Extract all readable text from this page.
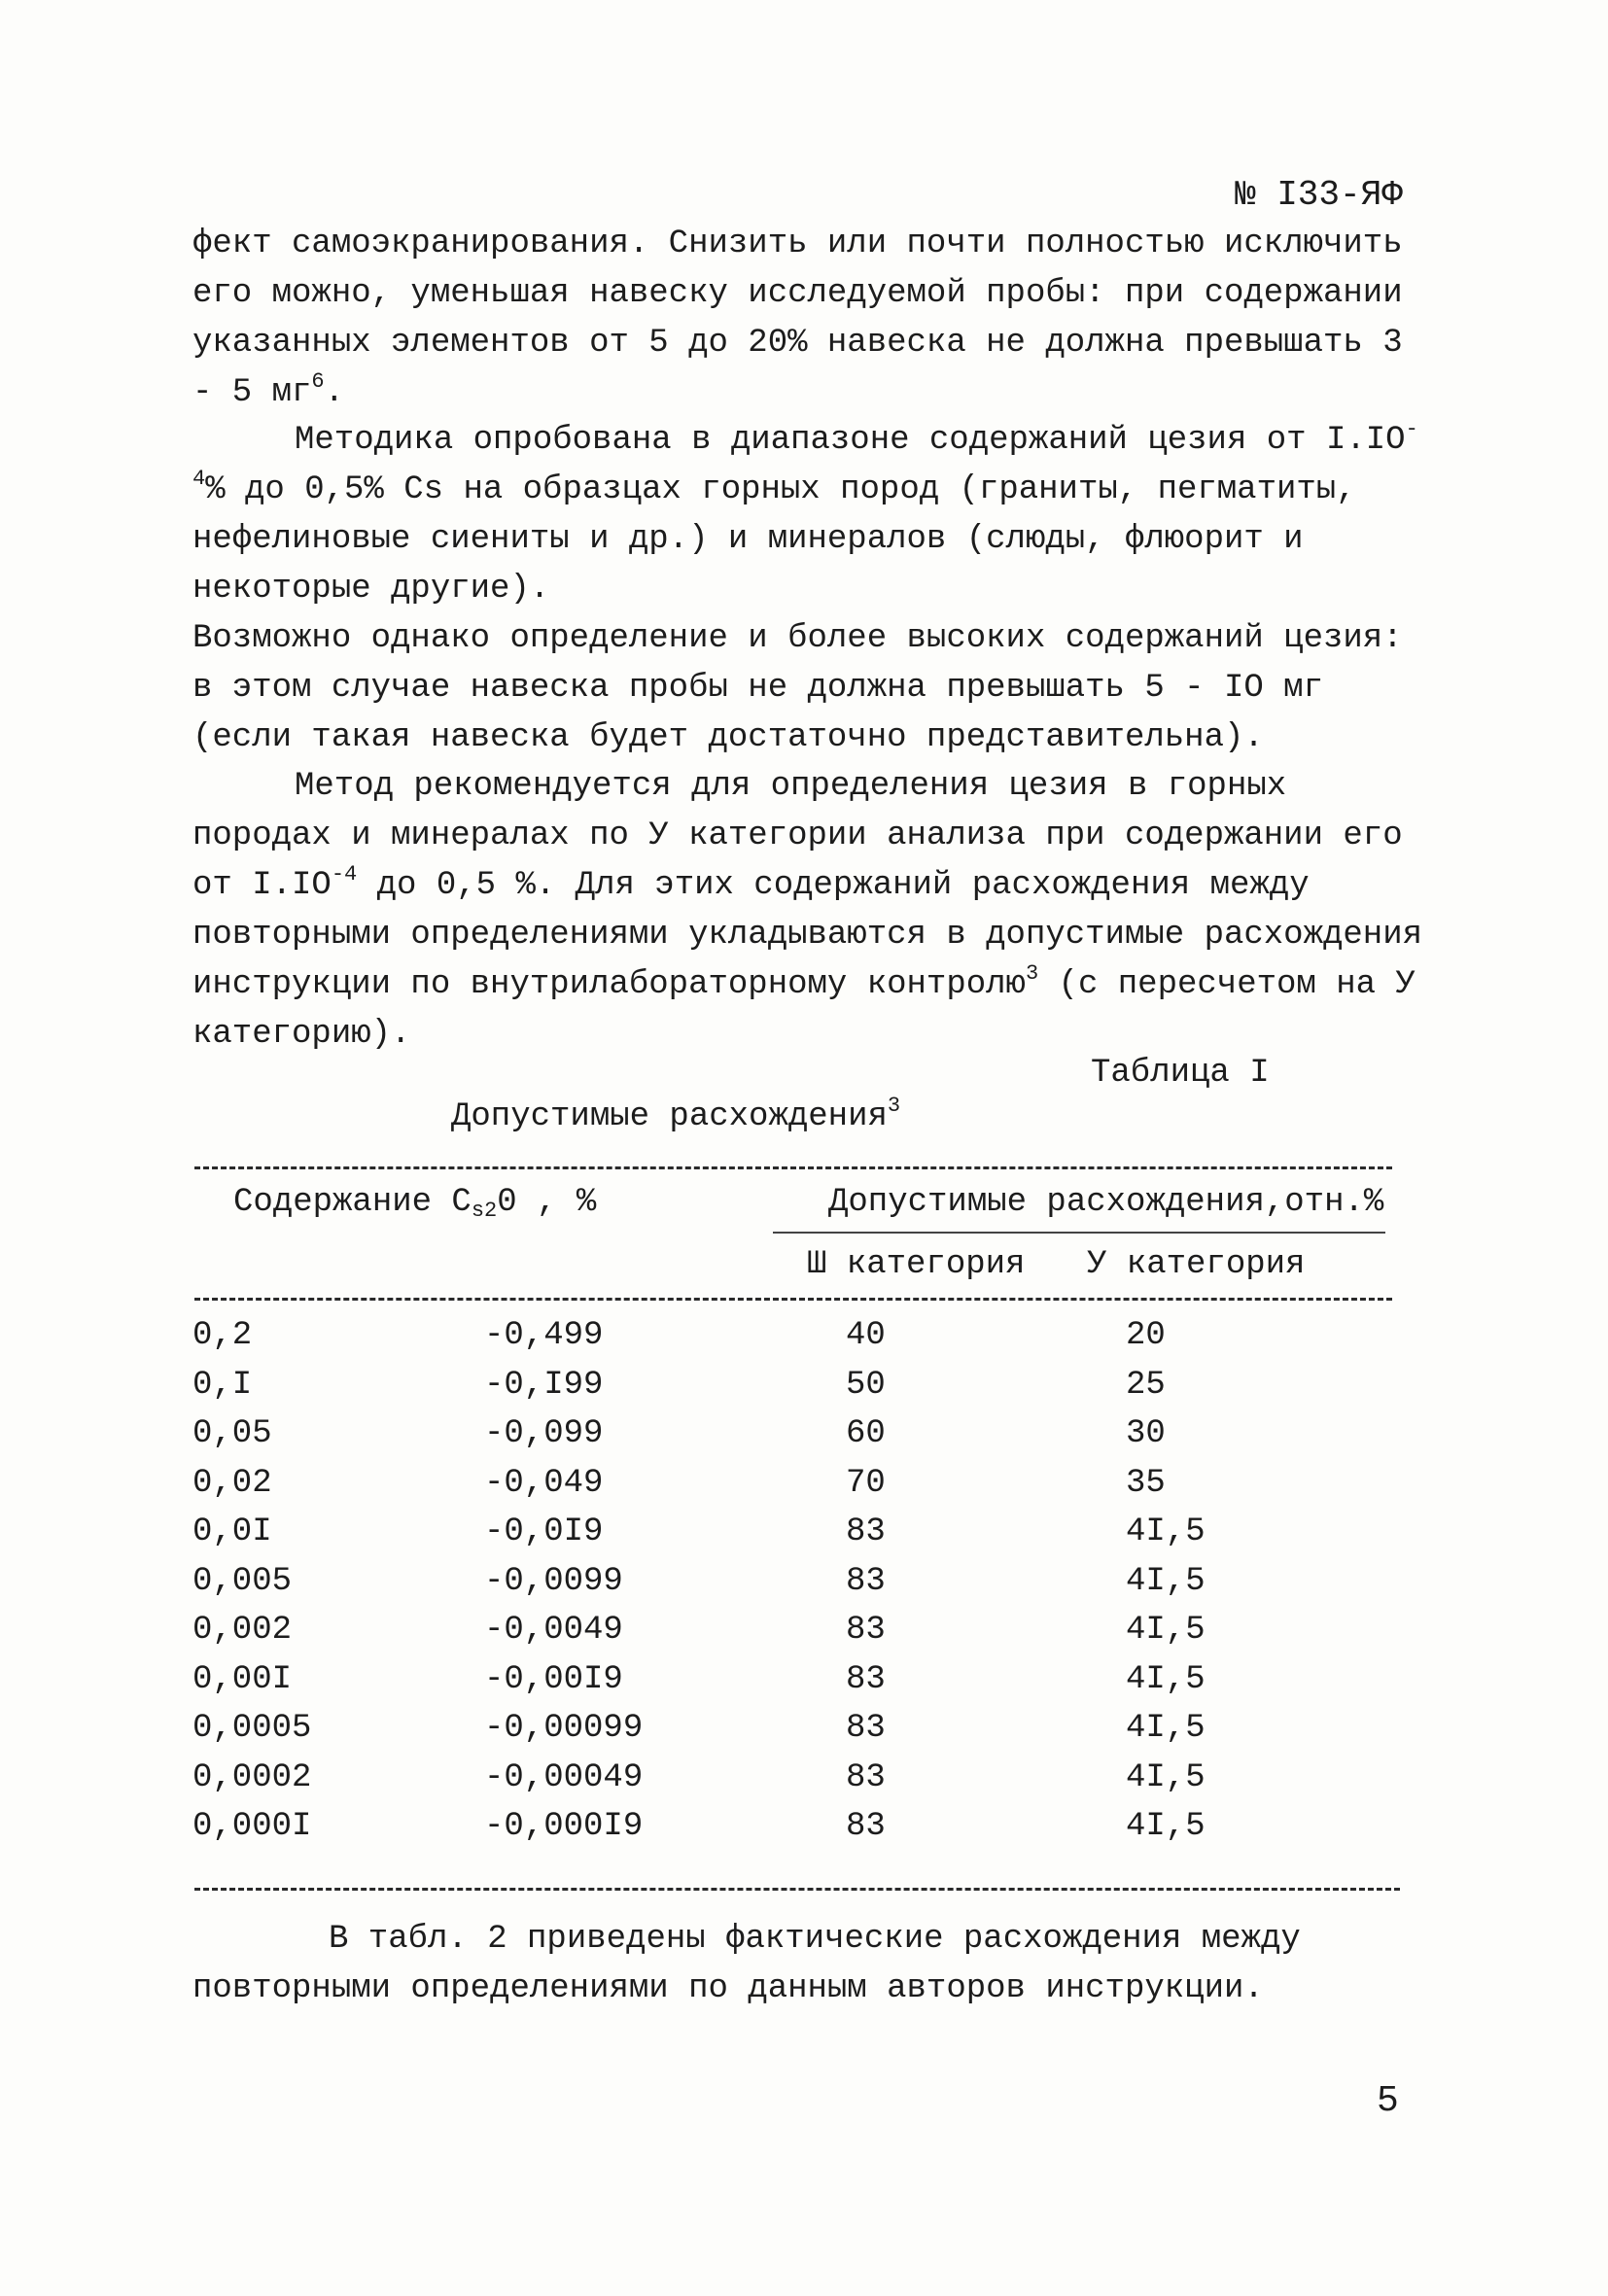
№ I33-ЯФ

фект самоэкранирования. Снизить или почти полностью исключить его можно, уменьшая навеску исследуемой пробы: при содержании указанных элементов от 5 до 20% навеска не должна превышать 3 - 5 $мг^6$.

Методика опробована в диапазоне содержаний цезия от $I.IO^{-4}\%$ до 0,5% Cs на образцах горных пород (граниты, пегматиты, нефелиновые сиениты и др.) и минералов (слюды, флюорит и некоторые другие).

Возможно однако определение и более высоких содержаний цезия: в этом случае навеска пробы не должна превышать 5 - IO мг (если такая навеска будет достаточно представительна).

Метод рекомендуется для определения цезия в горных породах и минералах по У категории анализа при содержании его от $I.IO^{-4}$ до 0,5 %. Для этих содержаний расхождения между повторными определениями укладываются в допустимые расхождения инструкции по внутрилабораторному контролю$^3$ (с пересчетом на У категорию).

Таблица I
Допустимые расхождения$^3$
Содержание $C_{s2}0$ , %	Допустимые расхождения,отн.%
Ш категория У категория
0,2	-0,499	40	20
0,I	-0,I99	50	25
0,05	-0,099	60	30
0,02	-0,049	70	35
0,0I	-0,0I9	83	4I,5
0,005	-0,0099	83	4I,5
0,002	-0,0049	83	4I,5
0,00I	-0,00I9	83	4I,5
0,0005	-0,00099	83	4I,5
0,0002	-0,00049	83	4I,5
0,000I	-0,000I9	83	4I,5

В табл. 2 приведены фактические расхождения между повторными определениями по данным авторов инструкции.

5
